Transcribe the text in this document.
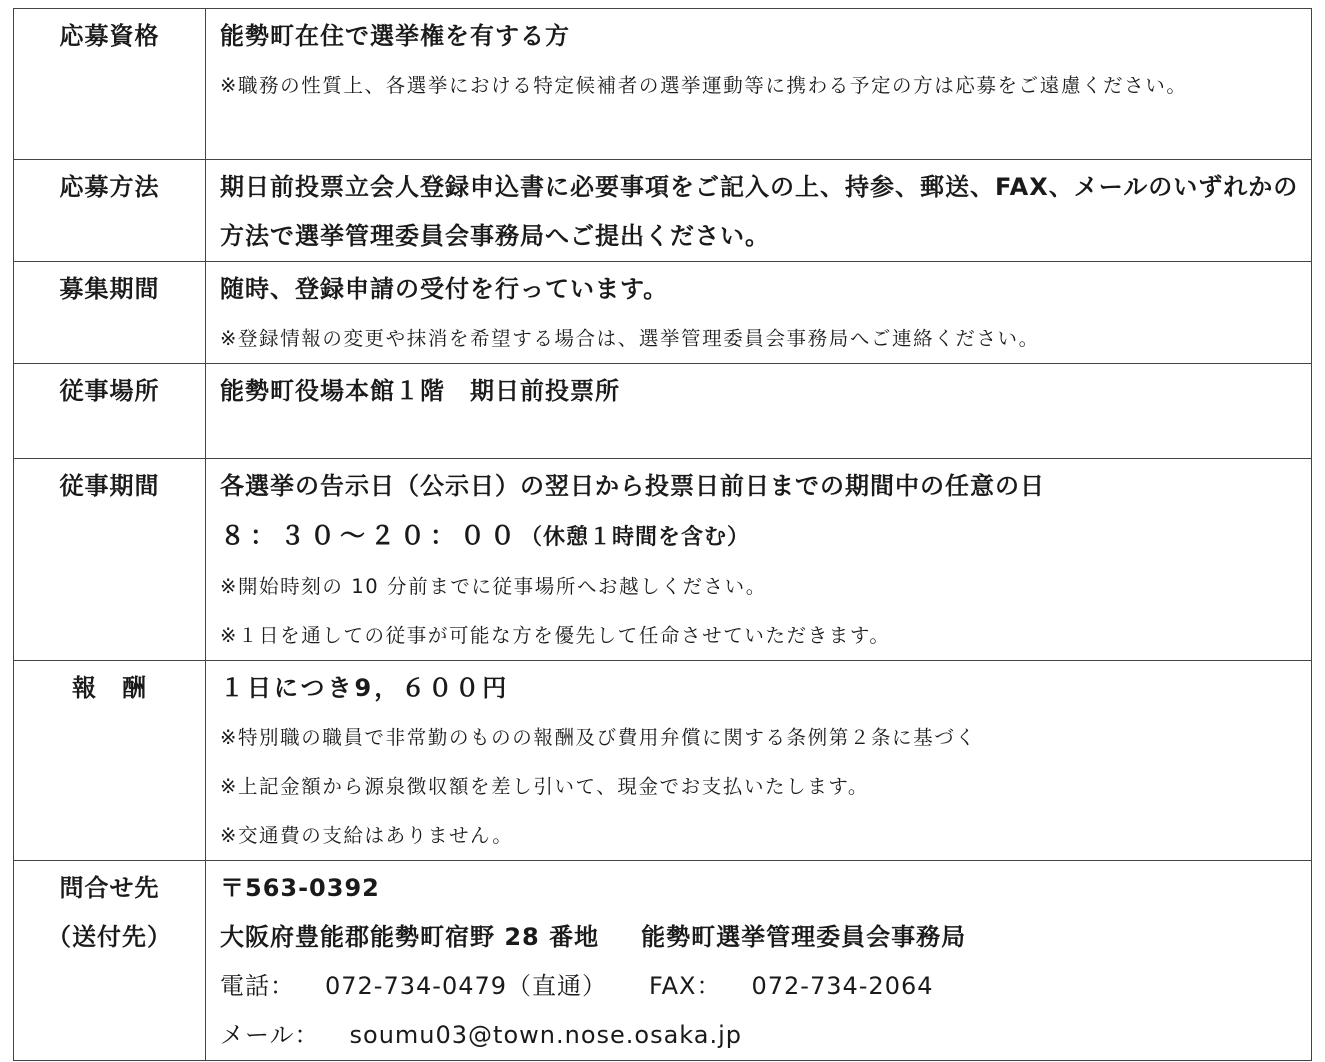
応募資格	能勢町在住で選挙権を有する方
※職務の性質上、各選挙における特定候補者の選挙運動等に携わる予定の方は応募をご遠慮ください。

応募方法	期日前投票立会人登録申込書に必要事項をご記入の上、持参、郵送、FAX、メールのいずれかの方法で選挙管理委員会事務局へご提出ください。

募集期間	随時、登録申請の受付を行っています。
※登録情報の変更や抹消を希望する場合は、選挙管理委員会事務局へご連絡ください。

従事場所	能勢町役場本館１階　期日前投票所

従事期間	各選挙の告示日（公示日）の翌日から投票日前日までの期間中の任意の日
８：３０～２０：００（休憩１時間を含む）
※開始時刻の 10 分前までに従事場所へお越しください。
※１日を通しての従事が可能な方を優先して任命させていただきます。

報　酬	１日につき9，６００円
※特別職の職員で非常勤のものの報酬及び費用弁償に関する条例第２条に基づく
※上記金額から源泉徴収額を差し引いて、現金でお支払いたします。
※交通費の支給はありません。

問合せ先
（送付先）	〒563-0392
大阪府豊能郡能勢町宿野 28 番地 能勢町選挙管理委員会事務局
電話： 072-734-0479（直通） FAX： 072-734-2064
メール： soumu03@town.nose.osaka.jp
